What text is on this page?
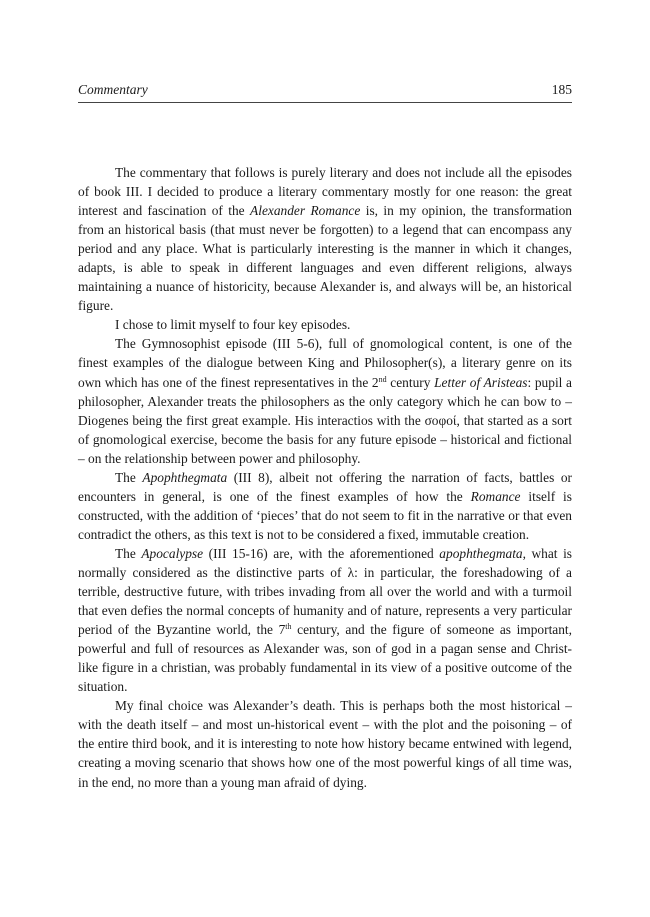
Commentary	185

The commentary that follows is purely literary and does not include all the episodes of book III. I decided to produce a literary commentary mostly for one reason: the great interest and fascination of the Alexander Romance is, in my opinion, the transformation from an historical basis (that must never be forgotten) to a legend that can encompass any period and any place. What is particularly interesting is the manner in which it changes, adapts, is able to speak in different languages and even different religions, always maintaining a nuance of historicity, because Alexander is, and always will be, an historical figure.

I chose to limit myself to four key episodes.

The Gymnosophist episode (III 5-6), full of gnomological content, is one of the finest examples of the dialogue between King and Philosopher(s), a literary genre on its own which has one of the finest representatives in the 2nd century Letter of Aristeas: pupil a philosopher, Alexander treats the philosophers as the only category which he can bow to –Diogenes being the first great example. His interactios with the σοφοί, that started as a sort of gnomological exercise, become the basis for any future episode – historical and fictional – on the relationship between power and philosophy.

The Apophthegmata (III 8), albeit not offering the narration of facts, battles or encounters in general, is one of the finest examples of how the Romance itself is constructed, with the addition of ‘pieces’ that do not seem to fit in the narrative or that even contradict the others, as this text is not to be considered a fixed, immutable creation.

The Apocalypse (III 15-16) are, with the aforementioned apophthegmata, what is normally considered as the distinctive parts of λ: in particular, the foreshadowing of a terrible, destructive future, with tribes invading from all over the world and with a turmoil that even defies the normal concepts of humanity and of nature, represents a very particular period of the Byzantine world, the 7th century, and the figure of someone as important, powerful and full of resources as Alexander was, son of god in a pagan sense and Christ-like figure in a christian, was probably fundamental in its view of a positive outcome of the situation.

My final choice was Alexander’s death. This is perhaps both the most historical – with the death itself – and most un-historical event – with the plot and the poisoning – of the entire third book, and it is interesting to note how history became entwined with legend, creating a moving scenario that shows how one of the most powerful kings of all time was, in the end, no more than a young man afraid of dying.
